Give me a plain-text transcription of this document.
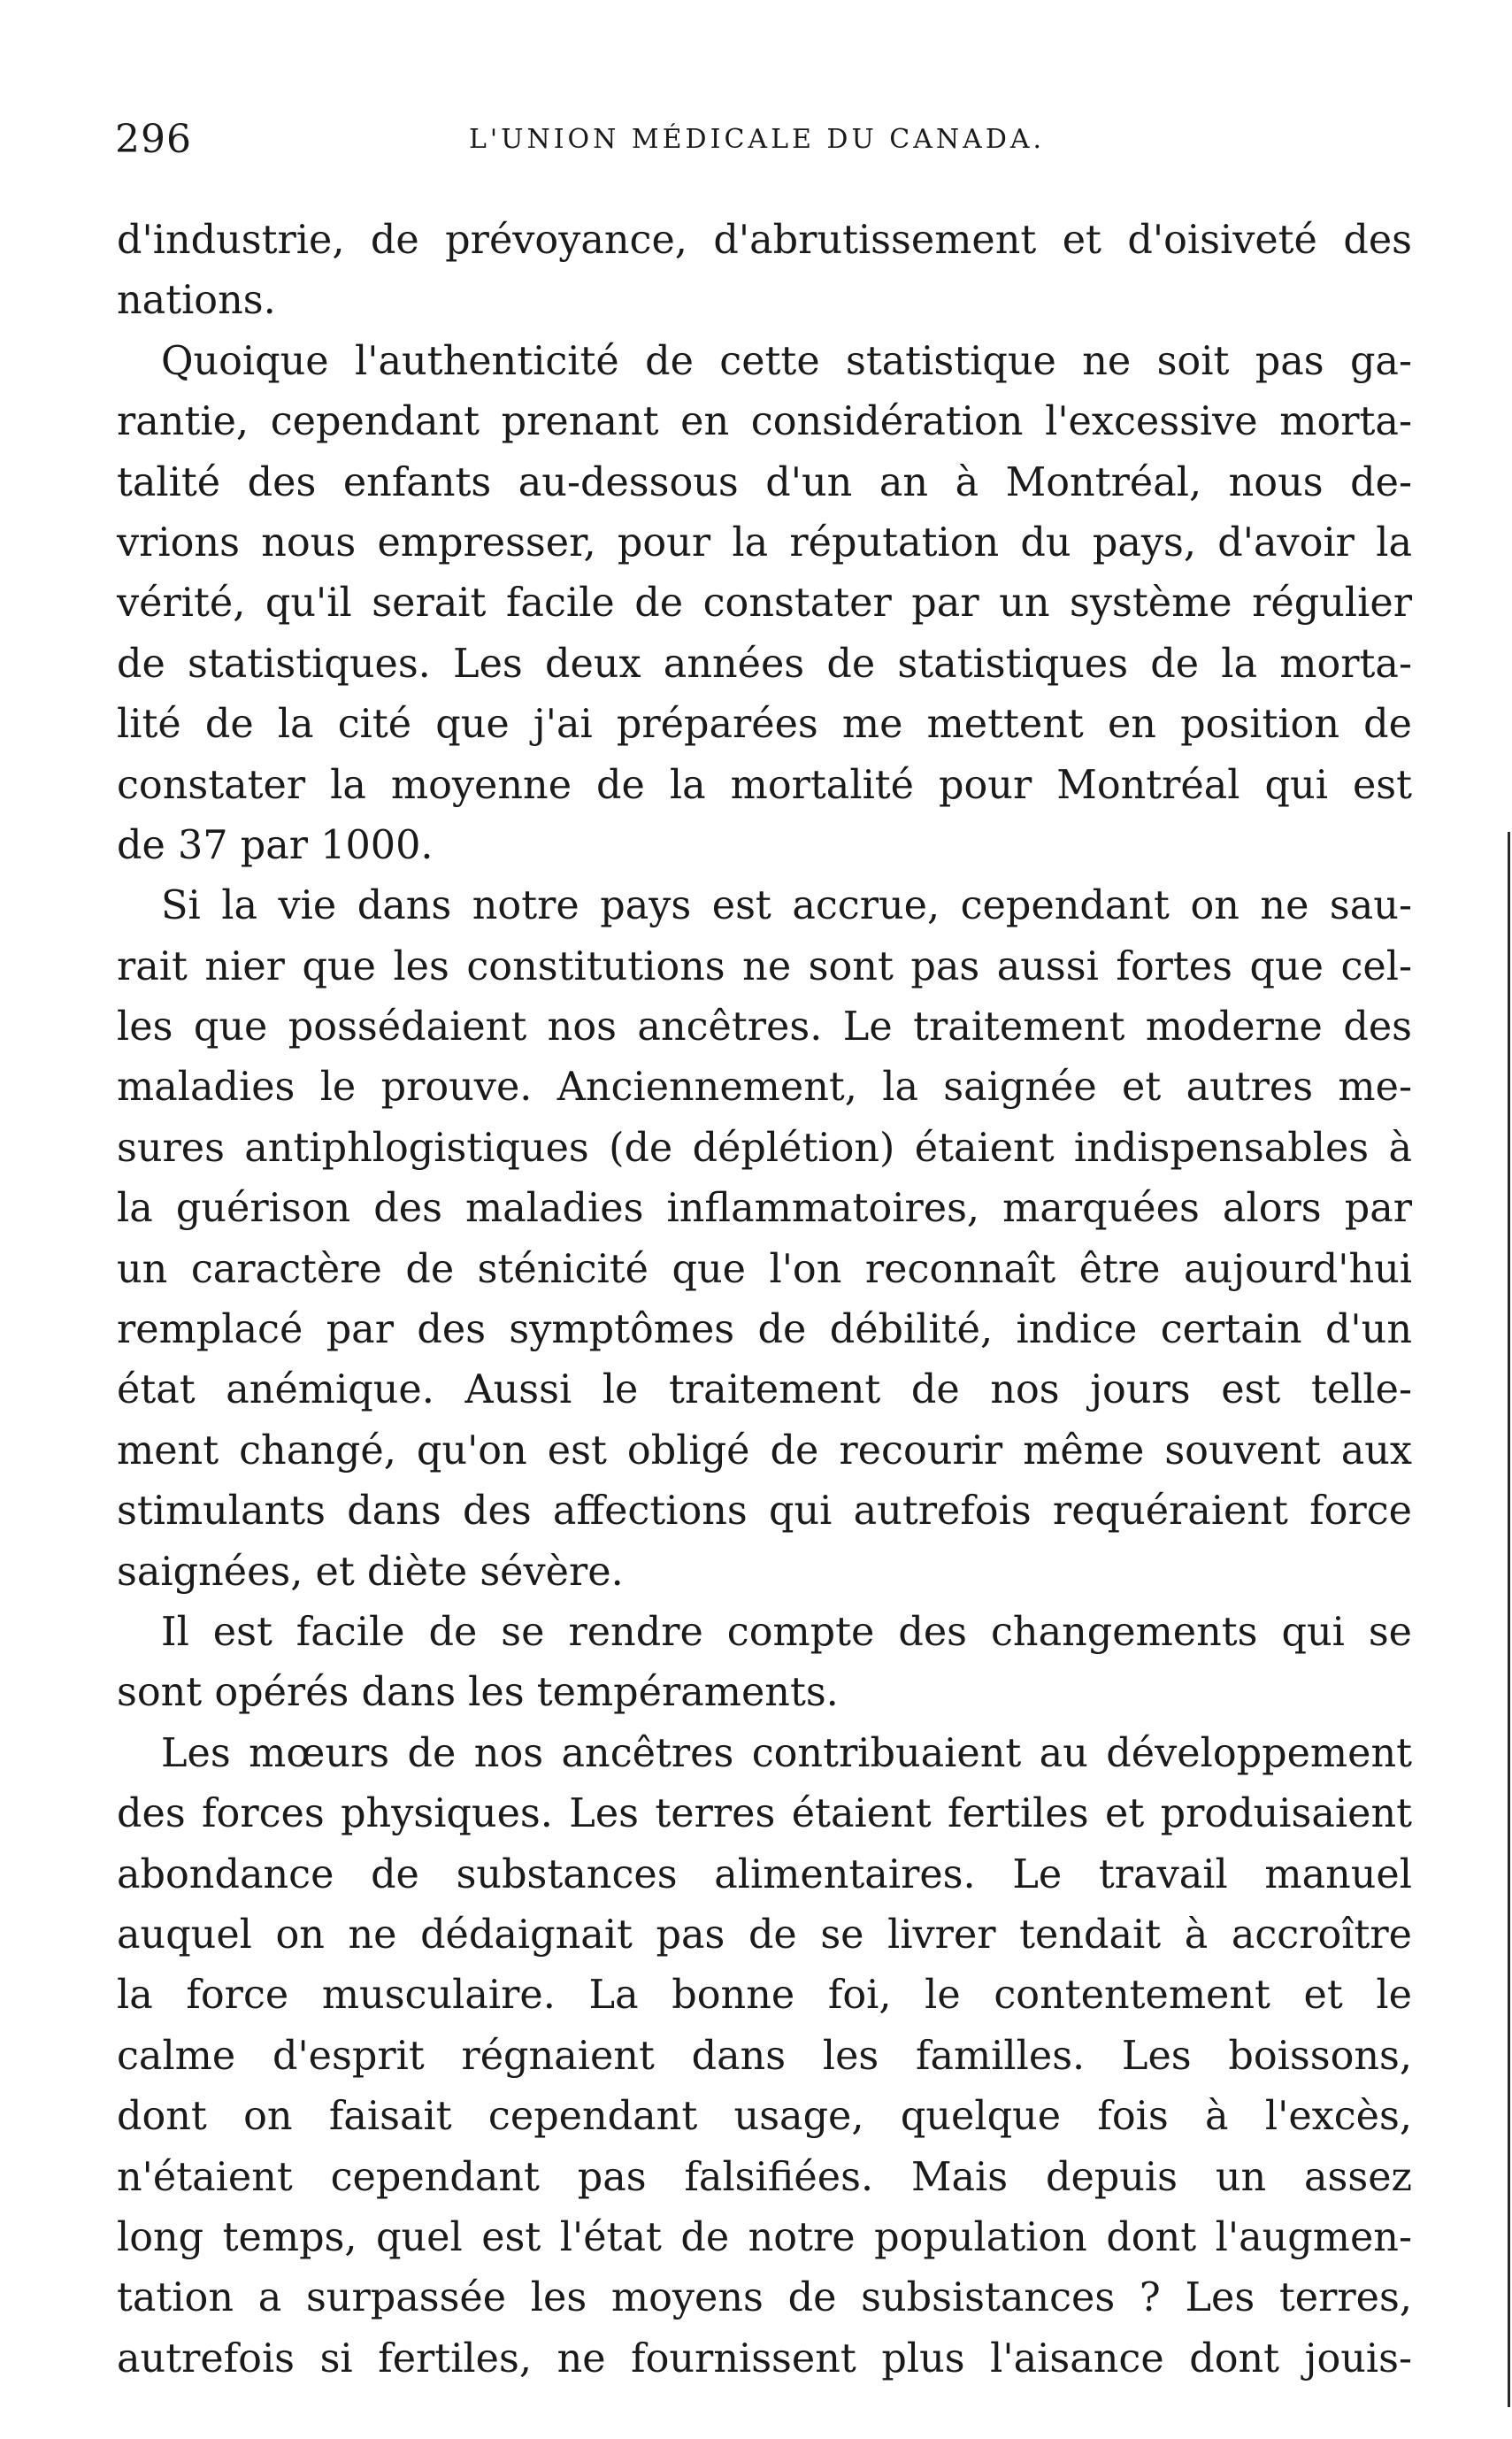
296	L'UNION MÉDICALE DU CANADA.
d'industrie, de prévoyance, d'abrutissement et d'oisiveté des
nations.
Quoique l'authenticité de cette statistique ne soit pas ga-
rantie, cependant prenant en considération l'excessive morta-
talité des enfants au-dessous d'un an à Montréal, nous de-
vrions nous empresser, pour la réputation du pays, d'avoir la
vérité, qu'il serait facile de constater par un système régulier
de statistiques. Les deux années de statistiques de la morta-
lité de la cité que j'ai préparées me mettent en position de
constater la moyenne de la mortalité pour Montréal qui est
de 37 par 1000.
Si la vie dans notre pays est accrue, cependant on ne sau-
rait nier que les constitutions ne sont pas aussi fortes que cel-
les que possédaient nos ancêtres. Le traitement moderne des
maladies le prouve. Anciennement, la saignée et autres me-
sures antiphlogistiques (de déplétion) étaient indispensables à
la guérison des maladies inflammatoires, marquées alors par
un caractère de sténicité que l'on reconnaît être aujourd'hui
remplacé par des symptômes de débilité, indice certain d'un
état anémique. Aussi le traitement de nos jours est telle-
ment changé, qu'on est obligé de recourir même souvent aux
stimulants dans des affections qui autrefois requéraient force
saignées, et diète sévère.
Il est facile de se rendre compte des changements qui se
sont opérés dans les tempéraments.
Les mœurs de nos ancêtres contribuaient au développement
des forces physiques. Les terres étaient fertiles et produisaient
abondance de substances alimentaires. Le travail manuel
auquel on ne dédaignait pas de se livrer tendait à accroître
la force musculaire. La bonne foi, le contentement et le
calme d'esprit régnaient dans les familles. Les boissons,
dont on faisait cependant usage, quelque fois à l'excès,
n'étaient cependant pas falsifiées. Mais depuis un assez
long temps, quel est l'état de notre population dont l'augmen-
tation a surpassée les moyens de subsistances ? Les terres,
autrefois si fertiles, ne fournissent plus l'aisance dont jouis-
